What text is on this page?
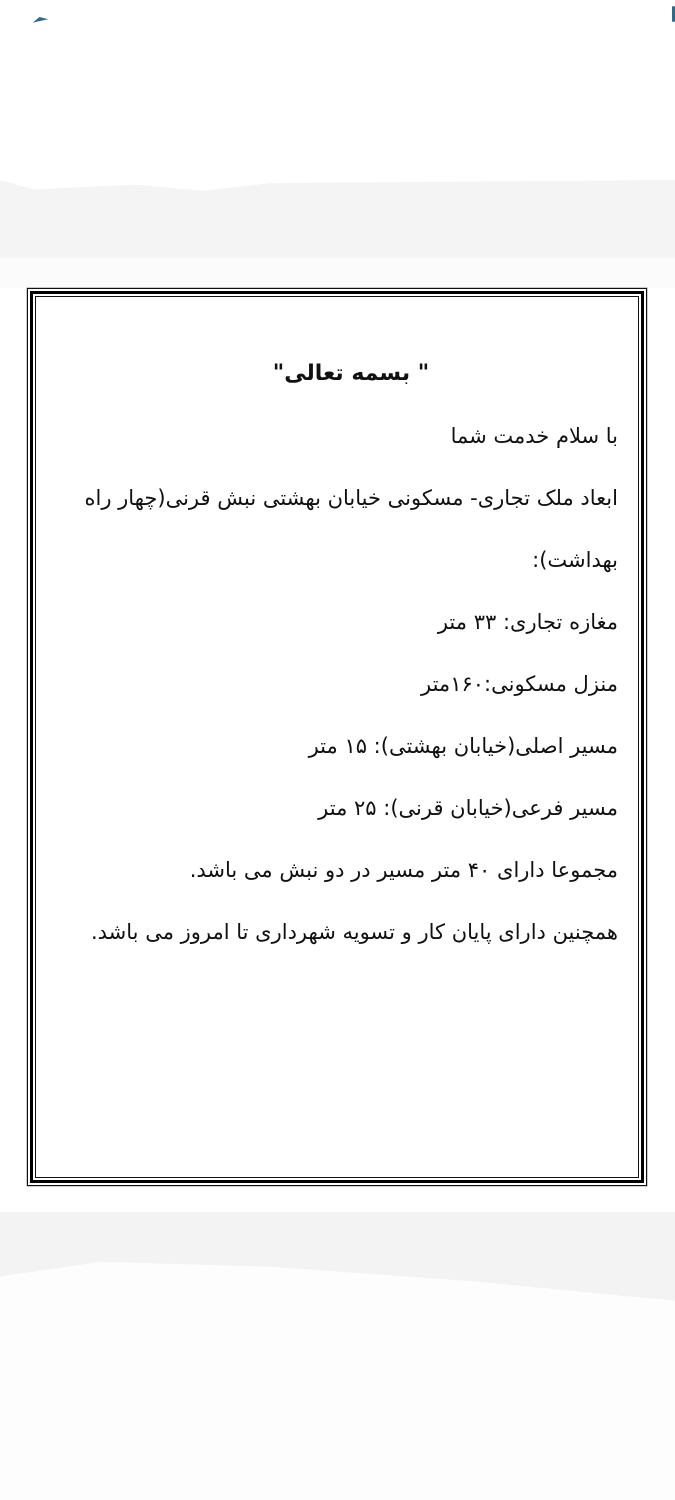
" بسمه تعالی"

با سلام خدمت شما

ابعاد ملک تجاری- مسکونی خیابان بهشتی نبش قرنی(چهار راه بهداشت):

مغازه تجاری: ۳۳ متر

منزل مسکونی:۱۶۰متر

مسیر اصلی(خیابان بهشتی): ۱۵ متر

مسیر فرعی(خیابان قرنی): ۲۵ متر

مجموعا دارای ۴۰ متر مسیر در دو نبش می باشد.

همچنین دارای پایان کار و تسویه شهرداری تا امروز می باشد.
